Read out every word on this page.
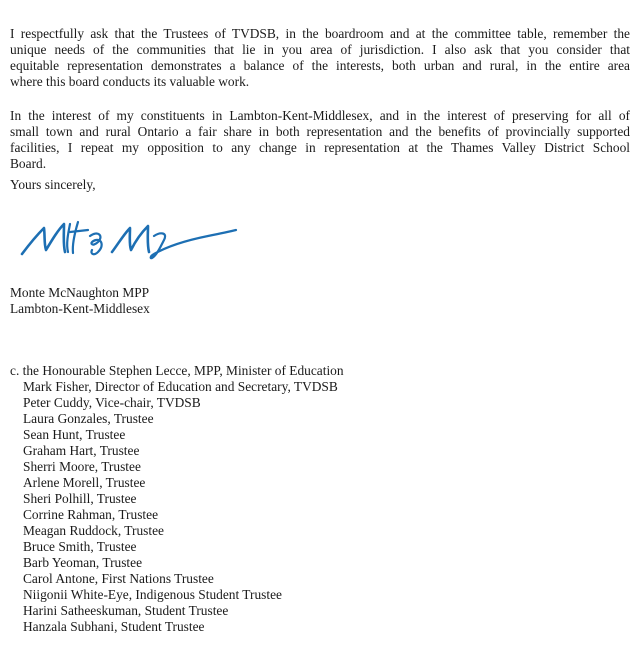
I respectfully ask that the Trustees of TVDSB, in the boardroom and at the committee table, remember the
unique needs of the communities that lie in you area of jurisdiction. I also ask that you consider that
equitable representation demonstrates a balance of the interests, both urban and rural, in the entire area
where this board conducts its valuable work.
In the interest of my constituents in Lambton-Kent-Middlesex, and in the interest of preserving for all of
small town and rural Ontario a fair share in both representation and the benefits of provincially supported
facilities, I repeat my opposition to any change in representation at the Thames Valley District School
Board.

Yours sincerely,

Monte McNaughton MPP
Lambton-Kent-Middlesex
c. the Honourable Stephen Lecce, MPP, Minister of Education
Mark Fisher, Director of Education and Secretary, TVDSB
Peter Cuddy, Vice-chair, TVDSB
Laura Gonzales, Trustee
Sean Hunt, Trustee
Graham Hart, Trustee
Sherri Moore, Trustee
Arlene Morell, Trustee
Sheri Polhill, Trustee
Corrine Rahman, Trustee
Meagan Ruddock, Trustee
Bruce Smith, Trustee
Barb Yeoman, Trustee
Carol Antone, First Nations Trustee
Niigonii White-Eye, Indigenous Student Trustee
Harini Satheeskuman, Student Trustee
Hanzala Subhani, Student Trustee
